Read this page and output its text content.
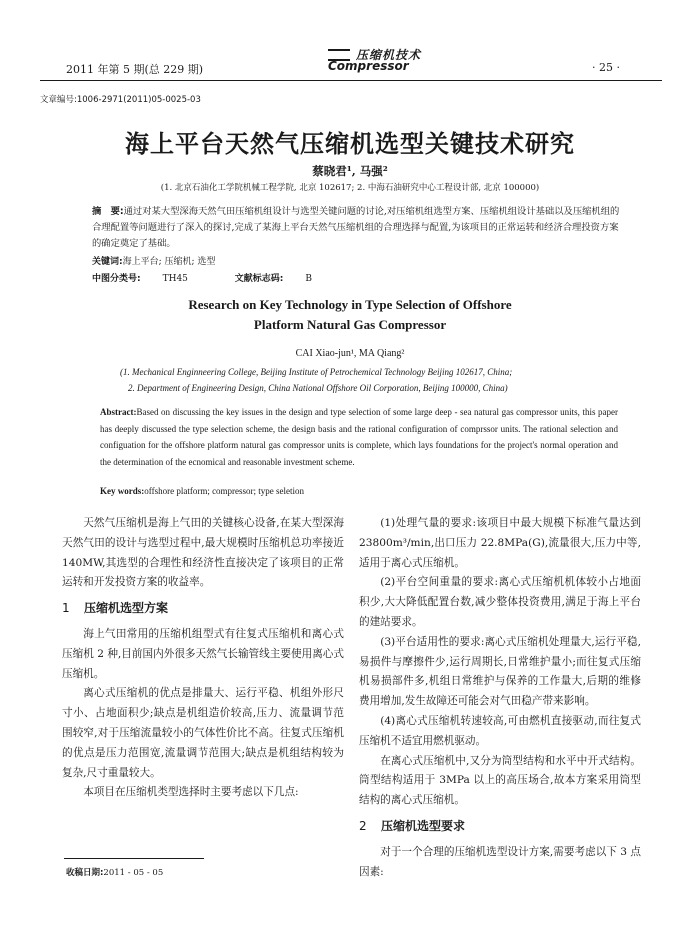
2011 年第 5 期(总 229 期)
压缩机技术
Compressor	· 25 ·
文章编号:1006-2971(2011)05-0025-03
海上平台天然气压缩机选型关键技术研究
蔡晓君¹, 马强²
(1. 北京石油化工学院机械工程学院, 北京 102617; 2. 中海石油研究中心工程设计部, 北京 100000)
摘　要:通过对某大型深海天然气田压缩机组设计与选型关键问题的讨论,对压缩机组选型方案、压缩机组设计基础以及压缩机组的合理配置等问题进行了深入的探讨,完成了某海上平台天然气压缩机组的合理选择与配置,为该项目的正常运转和经济合理投资方案的确定奠定了基础。
关键词:海上平台; 压缩机; 选型
中图分类号: TH45	文献标志码: B
Research on Key Technology in Type Selection of Offshore
Platform Natural Gas Compressor
CAI Xiao-jun¹, MA Qiang²
(1. Mechanical Enginneering College, Beijing Institute of Petrochemical Technology Beijing 102617, China;
2. Department of Engineering Design, China National Offshore Oil Corporation, Beijing 100000, China)
Abstract:Based on discussing the key issues in the design and type selection of some large deep - sea natural gas compressor units, this paper has deeply discussed the type selection scheme, the design basis and the rational configuration of comprssor units. The rational selection and configuation for the offshore platform natural gas compressor units is complete, which lays foundations for the project's normal operation and the determination of the ecnomical and reasonable investment scheme.
Key words:offshore platform; compressor; type seletion

天然气压缩机是海上气田的关键核心设备,在某大型深海天然气田的设计与选型过程中,最大规模时压缩机总功率接近 140MW,其选型的合理性和经济性直接决定了该项目的正常运转和开发投资方案的收益率。

1 压缩机选型方案

海上气田常用的压缩机组型式有往复式压缩机和离心式压缩机 2 种,目前国内外很多天然气长输管线主要使用离心式压缩机。

离心式压缩机的优点是排量大、运行平稳、机组外形尺寸小、占地面积少;缺点是机组造价较高,压力、流量调节范围较窄,对于压缩流量较小的气体性价比不高。往复式压缩机的优点是压力范围宽,流量调节范围大;缺点是机组结构较为复杂,尺寸重量较大。

本项目在压缩机类型选择时主要考虑以下几点:

(1)处理气量的要求:该项目中最大规模下标准气量达到 23800m³/min,出口压力 22.8MPa(G),流量很大,压力中等,适用于离心式压缩机。

(2)平台空间重量的要求:离心式压缩机机体较小占地面积少,大大降低配置台数,减少整体投资费用,满足于海上平台的建站要求。

(3)平台适用性的要求:离心式压缩机处理量大,运行平稳,易损件与摩擦件少,运行周期长,日常维护量小;而往复式压缩机易损部件多,机组日常维护与保养的工作量大,后期的维修费用增加,发生故障还可能会对气田稳产带来影响。

(4)离心式压缩机转速较高,可由燃机直接驱动,而往复式压缩机不适宜用燃机驱动。

在离心式压缩机中,又分为筒型结构和水平中开式结构。筒型结构适用于 3MPa 以上的高压场合,故本方案采用筒型结构的离心式压缩机。

2 压缩机选型要求

对于一个合理的压缩机选型设计方案,需要考虑以下 3 点因素:

收稿日期:2011 - 05 - 05
